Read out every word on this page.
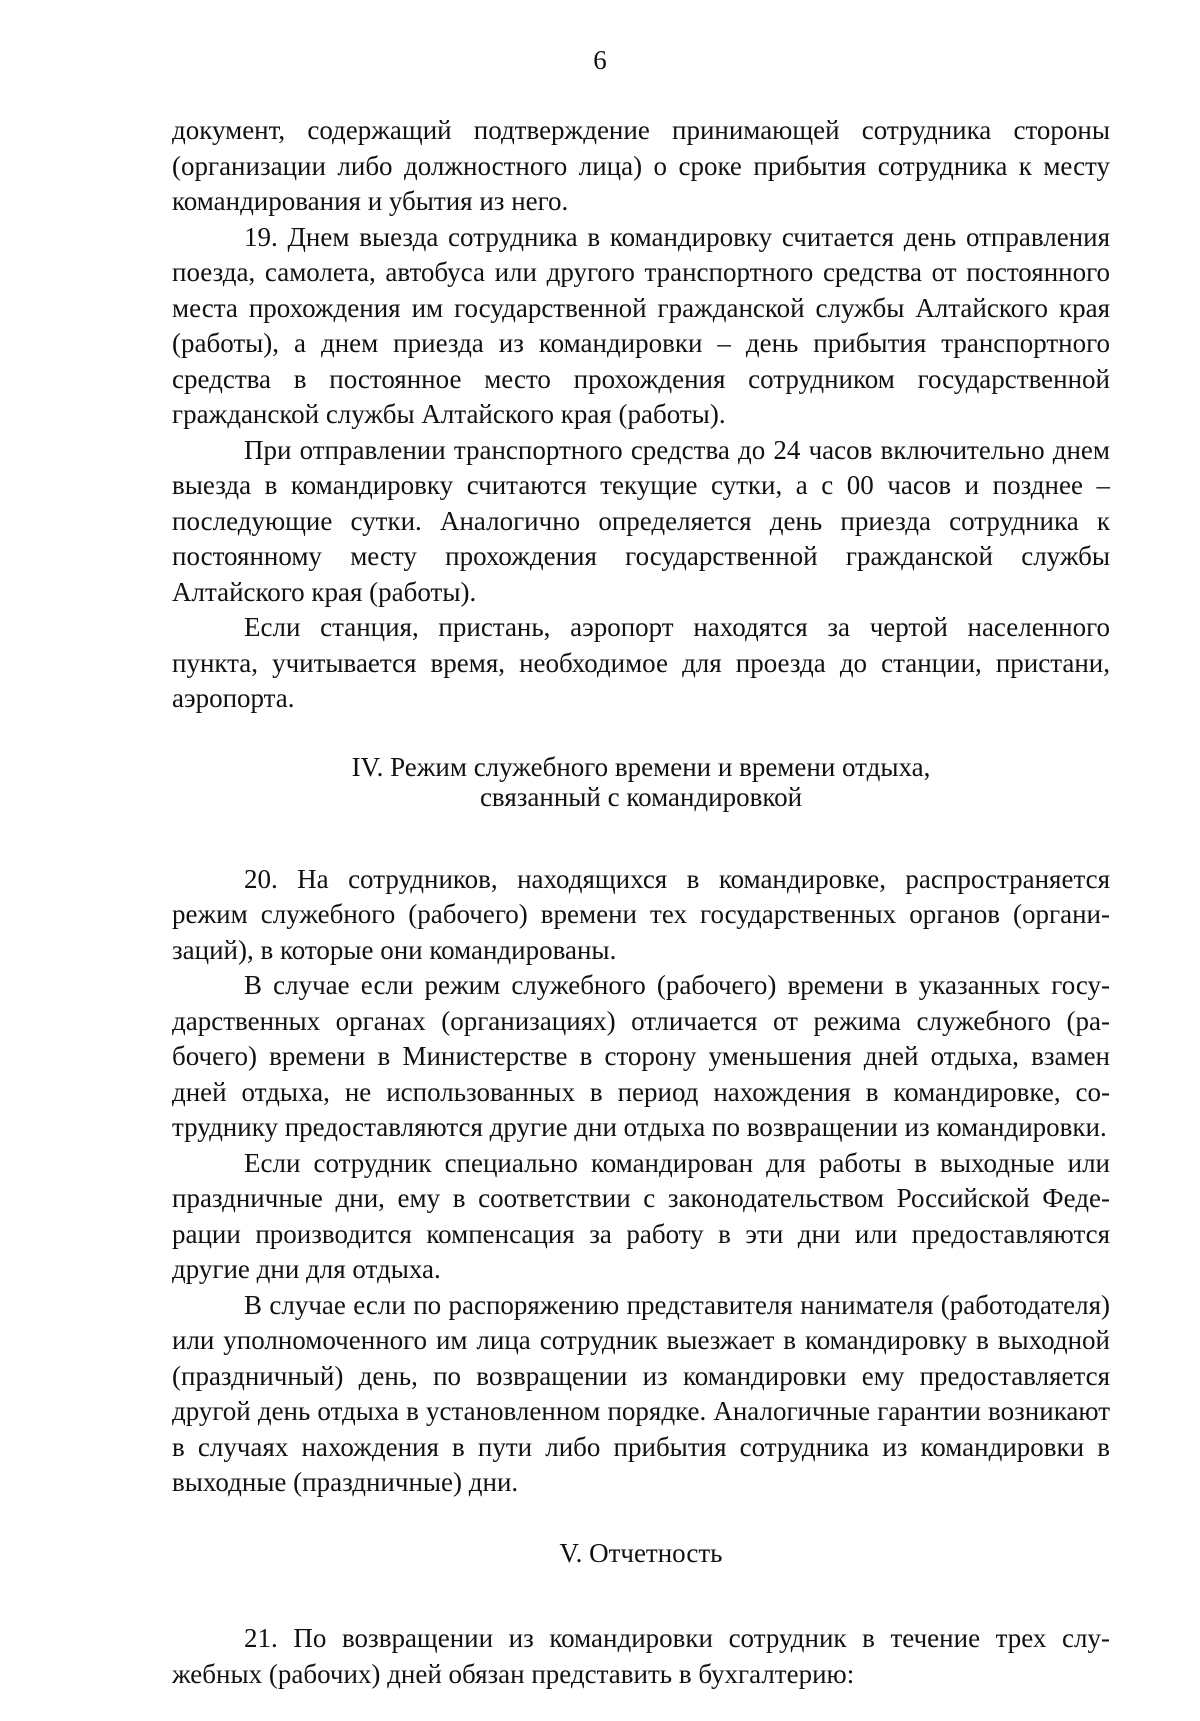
6

документ, содержащий подтверждение принимающей сотрудника стороны (организации либо должностного лица) о сроке прибытия сотрудника к месту командирования и убытия из него.

19. Днем выезда сотрудника в командировку считается день отправления поезда, самолета, автобуса или другого транспортного средства от постоянного места прохождения им государственной гражданской службы Алтайского края (работы), а днем приезда из командировки – день прибытия транспортного средства в постоянное место прохождения сотрудником государственной гражданской службы Алтайского края (работы).

При отправлении транспортного средства до 24 часов включительно днем выезда в командировку считаются текущие сутки, а с 00 часов и позднее – последующие сутки. Аналогично определяется день приезда сотрудника к постоянному месту прохождения государственной гражданской службы Алтайского края (работы).

Если станция, пристань, аэропорт находятся за чертой населенного пункта, учитывается время, необходимое для проезда до станции, пристани, аэропорта.

IV. Режим служебного времени и времени отдыха,
связанный с командировкой

20. На сотрудников, находящихся в командировке, распространяется режим служебного (рабочего) времени тех государственных органов (организаций), в которые они командированы.

В случае если режим служебного (рабочего) времени в указанных государственных органах (организациях) отличается от режима служебного (рабочего) времени в Министерстве в сторону уменьшения дней отдыха, взамен дней отдыха, не использованных в период нахождения в командировке, сотруднику предоставляются другие дни отдыха по возвращении из командировки.

Если сотрудник специально командирован для работы в выходные или праздничные дни, ему в соответствии с законодательством Российской Федерации производится компенсация за работу в эти дни или предоставляются другие дни для отдыха.

В случае если по распоряжению представителя нанимателя (работодателя) или уполномоченного им лица сотрудник выезжает в командировку в выходной (праздничный) день, по возвращении из командировки ему предоставляется другой день отдыха в установленном порядке. Аналогичные гарантии возникают в случаях нахождения в пути либо прибытия сотрудника из командировки в выходные (праздничные) дни.

V. Отчетность

21. По возвращении из командировки сотрудник в течение трех служебных (рабочих) дней обязан представить в бухгалтерию:
